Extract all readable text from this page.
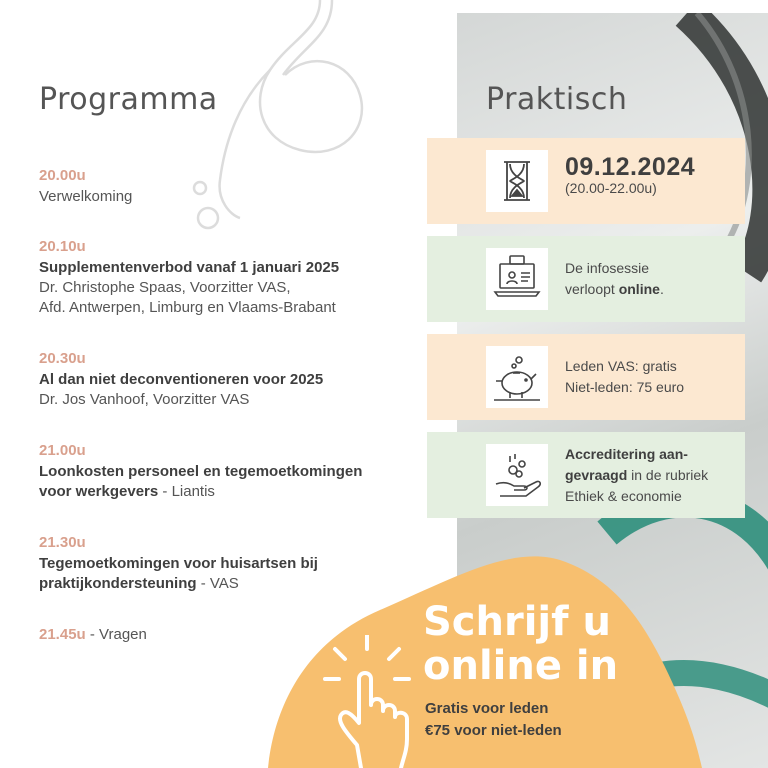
Programma
20.00u
Verwelkoming
20.10u
Supplementenverbod vanaf 1 januari 2025
Dr. Christophe Spaas, Voorzitter VAS,
Afd. Antwerpen, Limburg en Vlaams-Brabant
20.30u
Al dan niet deconventioneren voor 2025
Dr. Jos Vanhoof, Voorzitter VAS
21.00u
Loonkosten personeel en tegemoetkomingen
voor werkgevers - Liantis
21.30u
Tegemoetkomingen voor huisartsen bij
praktijkondersteuning - VAS
21.45u - Vragen
Praktisch
09.12.2024
(20.00-22.00u)
De infosessie
verloopt online.
Leden VAS: gratis
Niet-leden: 75 euro
Accreditering aan-
gevraagd in de rubriek
Ethiek & economie
Schrijf u
online in
Gratis voor leden
€75 voor niet-leden
